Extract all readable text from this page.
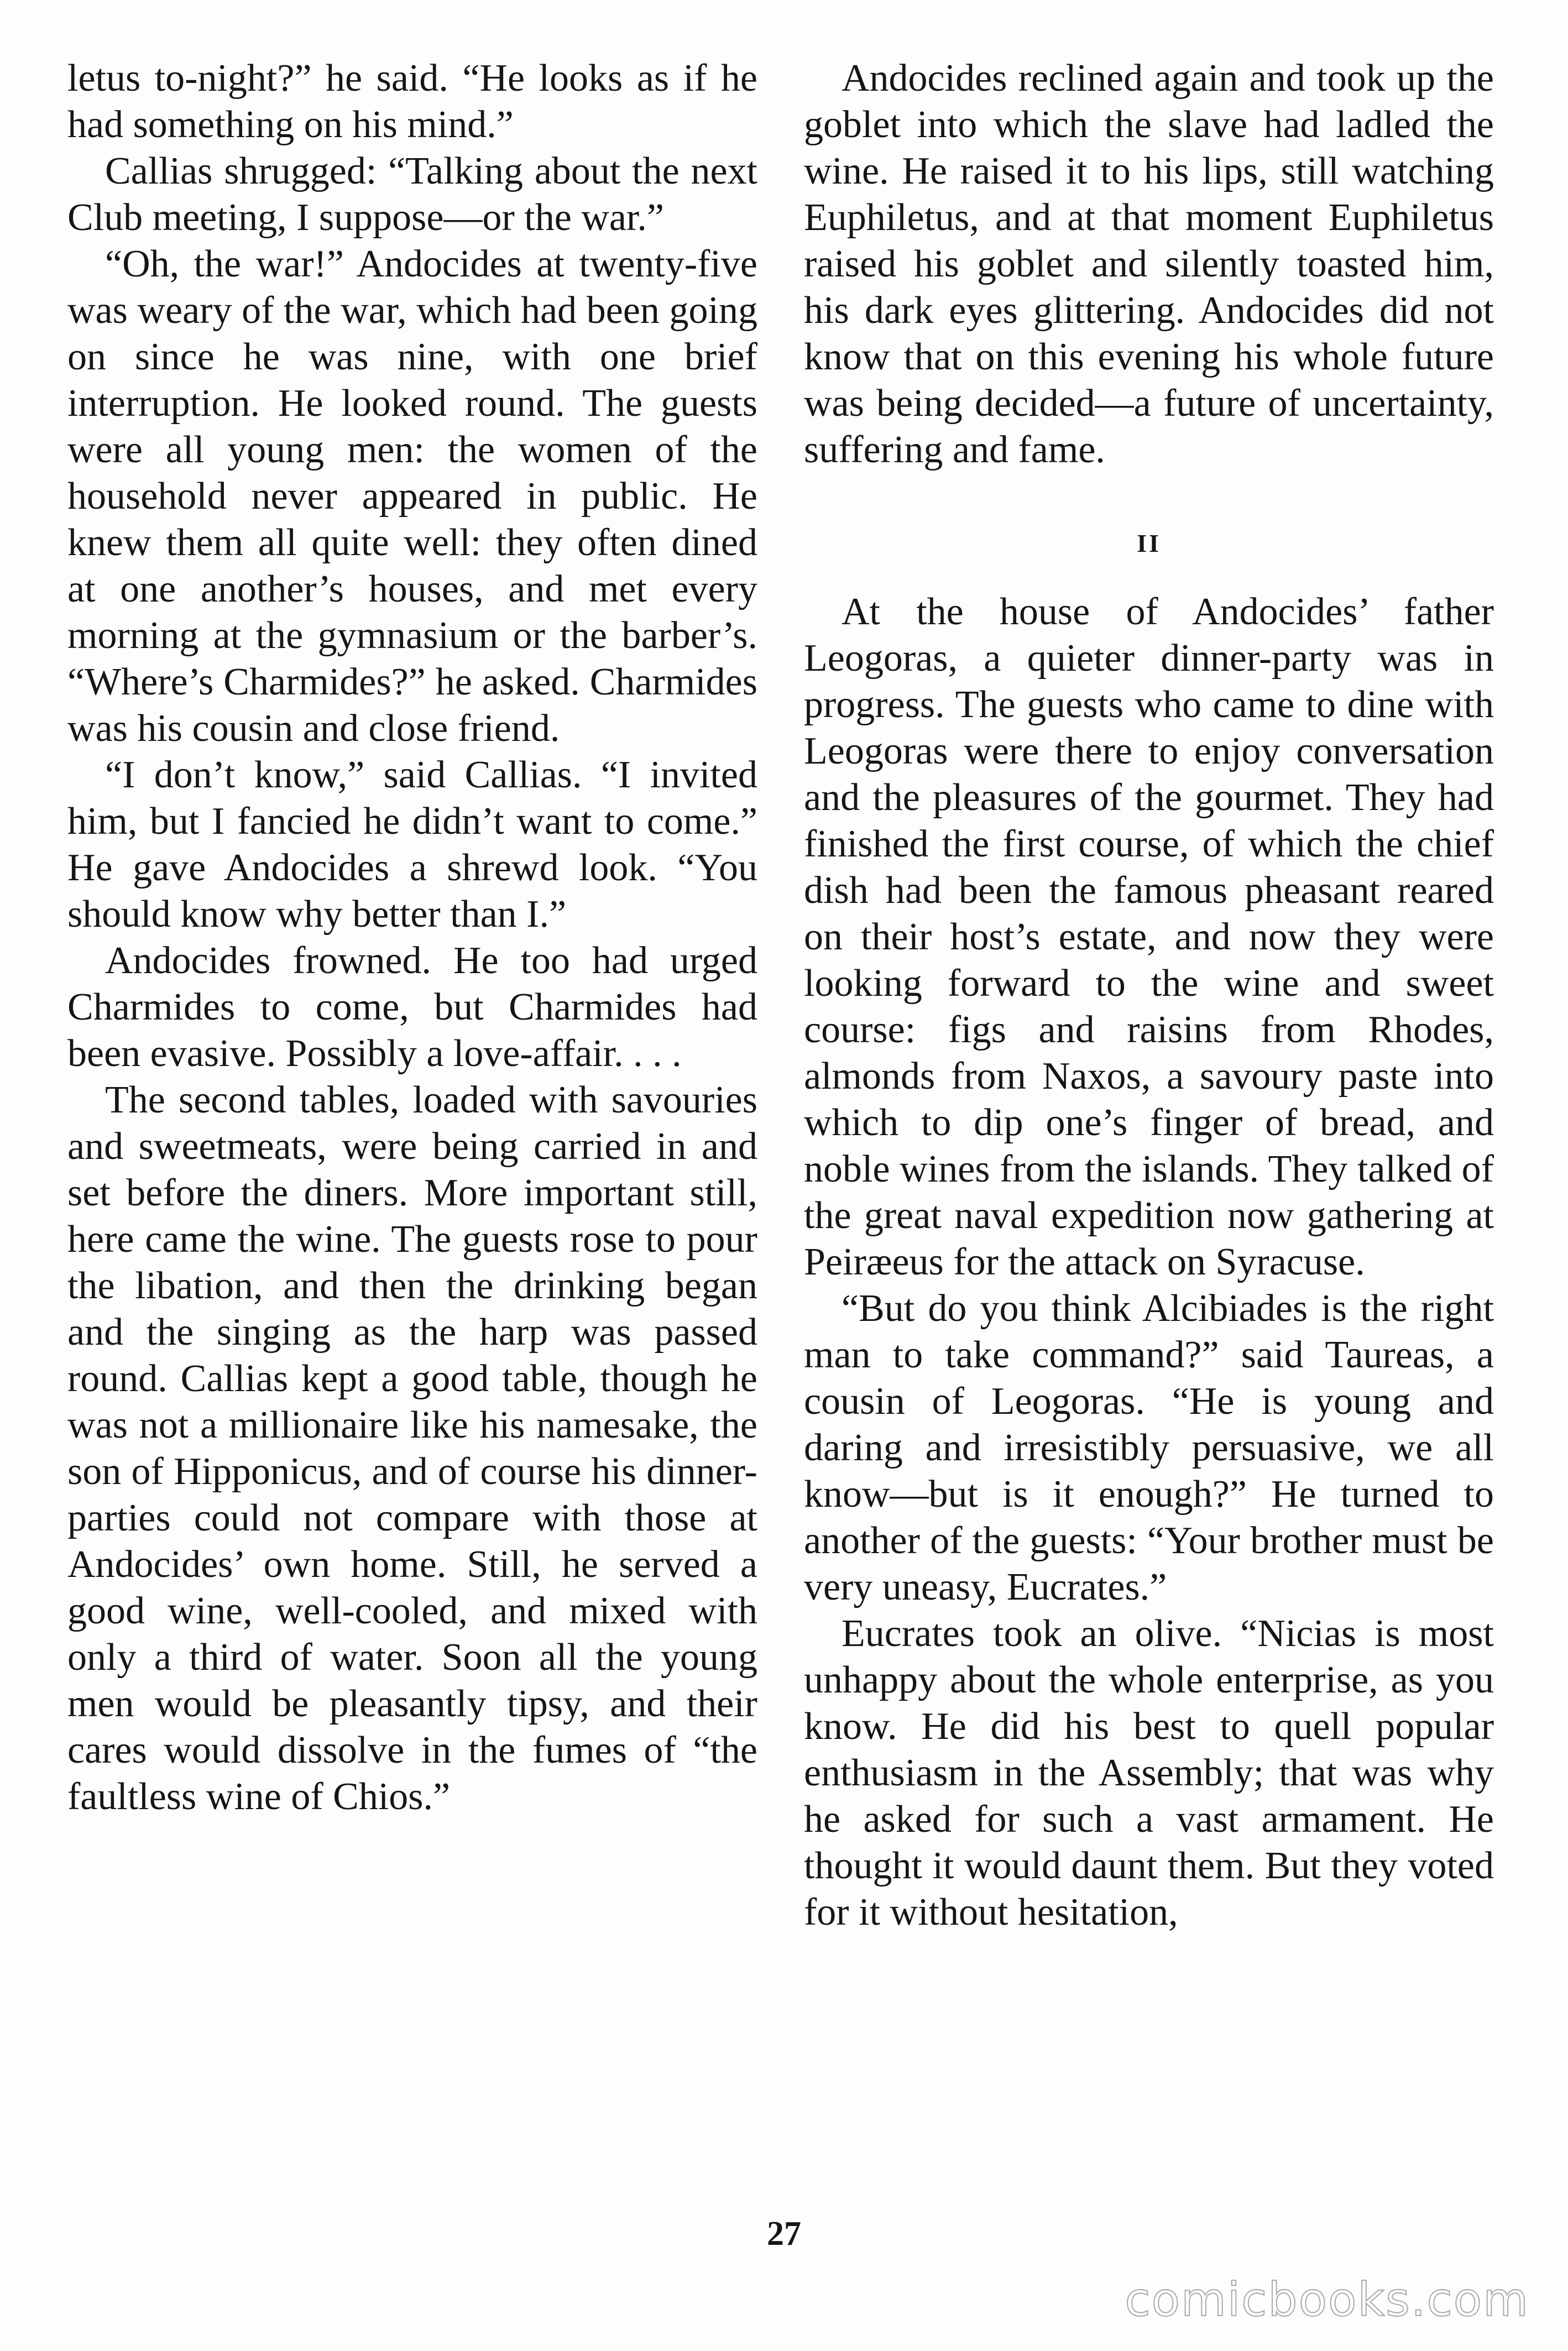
letus to-night?” he said. “He looks as if he had something on his mind.”

Callias shrugged: “Talking about the next Club meeting, I suppose—or the war.”

“Oh, the war!” Andocides at twenty-five was weary of the war, which had been going on since he was nine, with one brief interruption. He looked round. The guests were all young men: the women of the household never appeared in public. He knew them all quite well: they often dined at one another’s houses, and met every morning at the gymnasium or the barber’s. “Where’s Charmides?” he asked. Charmides was his cousin and close friend.

“I don’t know,” said Callias. “I invited him, but I fancied he didn’t want to come.” He gave Andocides a shrewd look. “You should know why better than I.”

Andocides frowned. He too had urged Charmides to come, but Charmides had been evasive. Possibly a love-affair. . . .

The second tables, loaded with savouries and sweetmeats, were being carried in and set before the diners. More important still, here came the wine. The guests rose to pour the libation, and then the drinking began and the singing as the harp was passed round. Callias kept a good table, though he was not a millionaire like his namesake, the son of Hipponicus, and of course his dinner-parties could not compare with those at Andocides’ own home. Still, he served a good wine, well-cooled, and mixed with only a third of water. Soon all the young men would be pleasantly tipsy, and their cares would dissolve in the fumes of “the faultless wine of Chios.”

Andocides reclined again and took up the goblet into which the slave had ladled the wine. He raised it to his lips, still watching Euphiletus, and at that moment Euphiletus raised his goblet and silently toasted him, his dark eyes glittering. Andocides did not know that on this evening his whole future was being decided—a future of uncertainty, suffering and fame.

II

At the house of Andocides’ father Leogoras, a quieter dinner-party was in progress. The guests who came to dine with Leogoras were there to enjoy conversation and the pleasures of the gourmet. They had finished the first course, of which the chief dish had been the famous pheasant reared on their host’s estate, and now they were looking forward to the wine and sweet course: figs and raisins from Rhodes, almonds from Naxos, a savoury paste into which to dip one’s finger of bread, and noble wines from the islands. They talked of the great naval expedition now gathering at Peiræeus for the attack on Syracuse.

“But do you think Alcibiades is the right man to take command?” said Taureas, a cousin of Leogoras. “He is young and daring and irresistibly persuasive, we all know—but is it enough?” He turned to another of the guests: “Your brother must be very uneasy, Eucrates.”

Eucrates took an olive. “Nicias is most unhappy about the whole enterprise, as you know. He did his best to quell popular enthusiasm in the Assembly; that was why he asked for such a vast armament. He thought it would daunt them. But they voted for it without hesitation,

27
comicbooks.com
